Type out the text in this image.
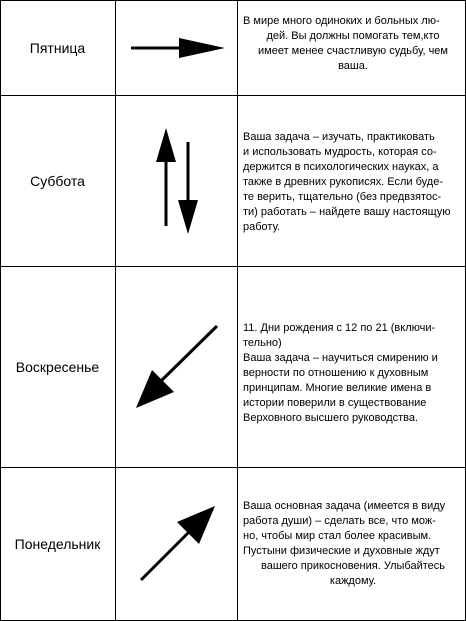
Пятница
В мире много одиноких и больных лю-
дей. Вы должны помогать тем,кто
имеет менее счастливую судьбу, чем
ваша.
Суббота
Ваша задача – изучать, практиковать
и использовать мудрость, которая со-
держится в психологических науках, а
также в древних рукописях. Если буде-
те верить, тщательно (без предвзятос-
ти) работать – найдете вашу настоящую
работу.
Воскресенье
11. Дни рождения с 12 по 21 (включи-
тельно)
Ваша задача – научиться смирению и
верности по отношению к духовным
принципам. Многие великие имена в
истории поверили в существование
Верховного высшего руководства.
Понедельник
Ваша основная задача (имеется в виду
работа души) – сделать все, что мож-
но, чтобы мир стал более красивым.
Пустыни физические и духовные ждут
вашего прикосновения. Улыбайтесь
каждому.
